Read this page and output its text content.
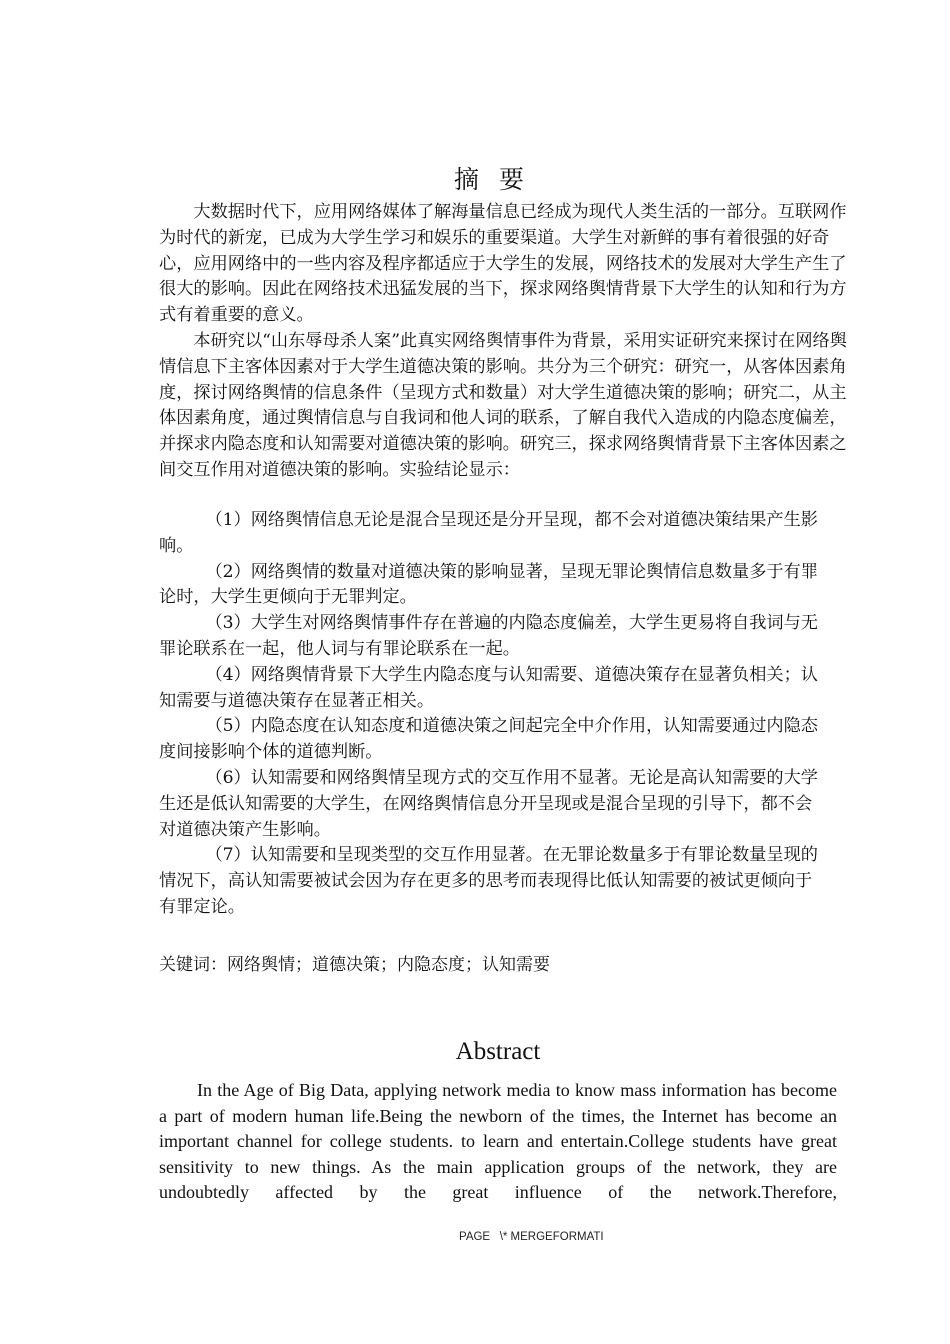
摘要

大数据时代下，应用网络媒体了解海量信息已经成为现代人类生活的一部分。互联网作为时代的新宠，已成为大学生学习和娱乐的重要渠道。大学生对新鲜的事有着很强的好奇心，应用网络中的一些内容及程序都适应于大学生的发展，网络技术的发展对大学生产生了很大的影响。因此在网络技术迅猛发展的当下，探求网络舆情背景下大学生的认知和行为方式有着重要的意义。

本研究以“山东辱母杀人案”此真实网络舆情事件为背景，采用实证研究来探讨在网络舆情信息下主客体因素对于大学生道德决策的影响。共分为三个研究：研究一，从客体因素角度，探讨网络舆情的信息条件（呈现方式和数量）对大学生道德决策的影响；研究二，从主体因素角度，通过舆情信息与自我词和他人词的联系，了解自我代入造成的内隐态度偏差，并探求内隐态度和认知需要对道德决策的影响。研究三，探求网络舆情背景下主客体因素之间交互作用对道德决策的影响。实验结论显示：

（1）网络舆情信息无论是混合呈现还是分开呈现，都不会对道德决策结果产生影响。

（2）网络舆情的数量对道德决策的影响显著，呈现无罪论舆情信息数量多于有罪论时，大学生更倾向于无罪判定。

（3）大学生对网络舆情事件存在普遍的内隐态度偏差，大学生更易将自我词与无罪论联系在一起，他人词与有罪论联系在一起。

（4）网络舆情背景下大学生内隐态度与认知需要、道德决策存在显著负相关；认知需要与道德决策存在显著正相关。

（5）内隐态度在认知态度和道德决策之间起完全中介作用，认知需要通过内隐态度间接影响个体的道德判断。

（6）认知需要和网络舆情呈现方式的交互作用不显著。无论是高认知需要的大学生还是低认知需要的大学生，在网络舆情信息分开呈现或是混合呈现的引导下，都不会对道德决策产生影响。

（7）认知需要和呈现类型的交互作用显著。在无罪论数量多于有罪论数量呈现的情况下，高认知需要被试会因为存在更多的思考而表现得比低认知需要的被试更倾向于有罪定论。

关键词：网络舆情；道德决策；内隐态度；认知需要
Abstract
In the Age of Big Data, applying network media to know mass information has become a part of modern human life.Being the newborn of the times, the Internet has become an important channel for college students. to learn and entertain.College students have great sensitivity to new things. As the main application groups of the network, they are undoubtedly affected by the great influence of the network.Therefore,
PAGE   \* MERGEFORMATI
